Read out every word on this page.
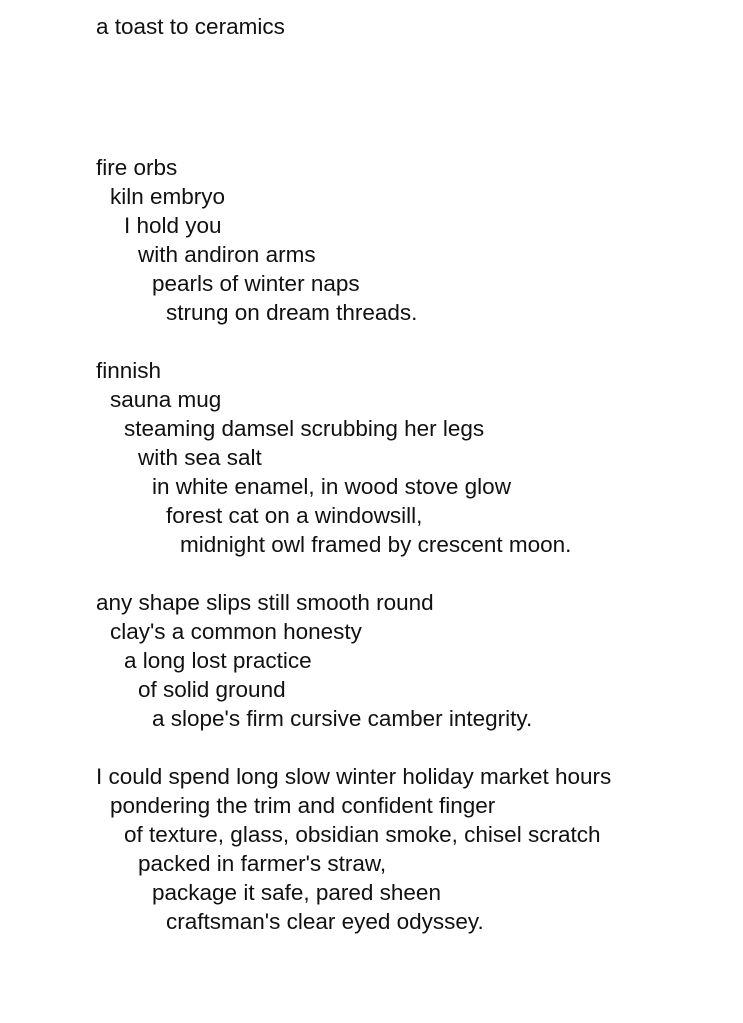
a toast to ceramics

fire orbs
kiln embryo
I hold you
with andiron arms
pearls of winter naps
strung on dream threads.
finnish
sauna mug
steaming damsel scrubbing her legs
with sea salt
in white enamel, in wood stove glow
forest cat on a windowsill,
midnight owl framed by crescent moon.
any shape slips still smooth round
clay's a common honesty
a long lost practice
of solid ground
a slope's firm cursive camber integrity.
I could spend long slow winter holiday market hours
pondering the trim and confident finger
of texture, glass, obsidian smoke, chisel scratch
packed in farmer's straw,
package it safe, pared sheen
craftsman's clear eyed odyssey.
